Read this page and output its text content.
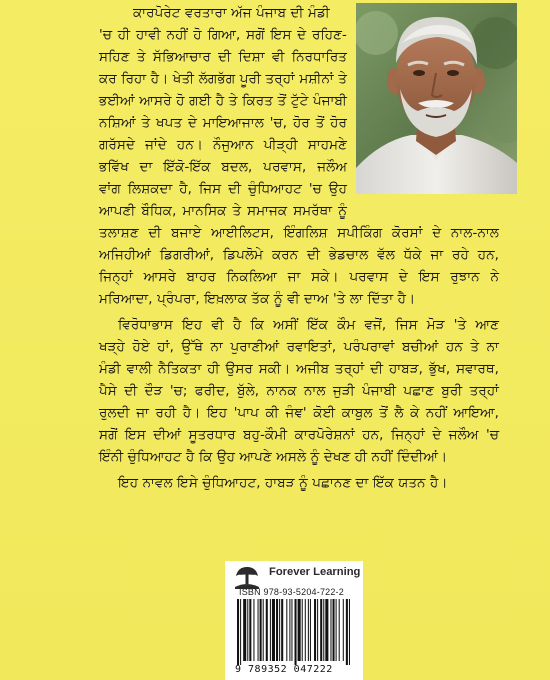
ਕਾਰਪੋਰੇਟ ਵਰਤਾਰਾ ਅੱਜ ਪੰਜਾਬ ਦੀ ਮੰਡੀ
'ਚ ਹੀ ਹਾਵੀ ਨਹੀਂ ਹੋ ਗਿਆ, ਸਗੋਂ ਇਸ ਦੇ ਰਹਿਣ-
ਸਹਿਣ ਤੇ ਸੱਭਿਆਚਾਰ ਦੀ ਦਿਸ਼ਾ ਵੀ ਨਿਰਧਾਰਿਤ
ਕਰ ਰਿਹਾ ਹੈ। ਖੇਤੀ ਲੱਗਭੱਗ ਪੂਰੀ ਤਰ੍ਹਾਂ ਮਸ਼ੀਨਾਂ ਤੇ
ਭਈਆਂ ਆਸਰੇ ਹੋ ਗਈ ਹੈ ਤੇ ਕਿਰਤ ਤੋਂ ਟੁੱਟੇ ਪੰਜਾਬੀ
ਨਸ਼ਿਆਂ ਤੇ ਖਪਤ ਦੇ ਮਾਇਆਜਾਲ 'ਚ, ਹੋਰ ਤੋਂ ਹੋਰ
ਗਰੱਸਦੇ ਜਾਂਦੇ ਹਨ। ਨੌਜੁਆਨ ਪੀੜ੍ਹੀ ਸਾਹਮਣੇ
ਭਵਿੱਖ ਦਾ ਇੱਕੋ-ਇੱਕ ਬਦਲ, ਪਰਵਾਸ, ਜਲੌਅ
ਵਾਂਗ ਲਿਸ਼ਕਦਾ ਹੈ, ਜਿਸ ਦੀ ਚੁੰਧਿਆਹਟ 'ਚ ਉਹ
ਆਪਣੀ ਬੌਧਿਕ, ਮਾਨਸਿਕ ਤੇ ਸਮਾਜਕ ਸਮਰੱਥਾ ਨੂੰ
ਤਲਾਸ਼ਣ ਦੀ ਬਜਾਏ ਆਈਲਿਟਸ, ਇੰਗਲਿਸ਼ ਸਪੀਕਿੰਗ ਕੋਰਸਾਂ ਦੇ ਨਾਲ-ਨਾਲ
ਅਜਿਹੀਆਂ ਡਿਗਰੀਆਂ, ਡਿਪਲੋਮੇ ਕਰਨ ਦੀ ਭੇਡਚਾਲ ਵੱਲ ਧੱਕੇ ਜਾ ਰਹੇ ਹਨ,
ਜਿਨ੍ਹਾਂ ਆਸਰੇ ਬਾਹਰ ਨਿਕਲਿਆ ਜਾ ਸਕੇ। ਪਰਵਾਸ ਦੇ ਇਸ ਰੁਝਾਨ ਨੇ
ਮਰਿਆਦਾ, ਪ੍ਰੰਪਰਾ, ਇਖ਼ਲਾਕ ਤੱਕ ਨੂੰ ਵੀ ਦਾਅ 'ਤੇ ਲਾ ਦਿੱਤਾ ਹੈ।
ਵਿਰੋਧਾਭਾਸ ਇਹ ਵੀ ਹੈ ਕਿ ਅਸੀਂ ਇੱਕ ਕੌਮ ਵਜੋਂ, ਜਿਸ ਮੋੜ 'ਤੇ ਆਣ
ਖੜ੍ਹੇ ਹੋਏ ਹਾਂ, ਉੱਥੇ ਨਾ ਪੁਰਾਣੀਆਂ ਰਵਾਇਤਾਂ, ਪਰੰਪਰਾਵਾਂ ਬਚੀਆਂ ਹਨ ਤੇ ਨਾ
ਮੰਡੀ ਵਾਲੀ ਨੈਤਿਕਤਾ ਹੀ ਉਸਰ ਸਕੀ। ਅਜੀਬ ਤਰ੍ਹਾਂ ਦੀ ਹਾਬੜ, ਭੁੱਖ, ਸਵਾਰਥ,
ਪੈਸੇ ਦੀ ਦੌੜ 'ਚ; ਫਰੀਦ, ਬੁੱਲੇ, ਨਾਨਕ ਨਾਲ ਜੁੜੀ ਪੰਜਾਬੀ ਪਛਾਣ ਬੁਰੀ ਤਰ੍ਹਾਂ
ਰੁਲਦੀ ਜਾ ਰਹੀ ਹੈ। ਇਹ 'ਪਾਪ ਕੀ ਜੰਞ' ਕੋਈ ਕਾਬੁਲ ਤੋਂ ਲੈ ਕੇ ਨਹੀਂ ਆਇਆ,
ਸਗੋਂ ਇਸ ਦੀਆਂ ਸੂਤਰਧਾਰ ਬਹੁ-ਕੌਮੀ ਕਾਰਪੋਰੇਸ਼ਨਾਂ ਹਨ, ਜਿਨ੍ਹਾਂ ਦੇ ਜਲੌਅ 'ਚ
ਇੰਨੀ ਚੁੰਧਿਆਹਟ ਹੈ ਕਿ ਉਹ ਆਪਣੇ ਅਸਲੇ ਨੂੰ ਦੇਖਣ ਹੀ ਨਹੀਂ ਦਿੰਦੀਆਂ।
ਇਹ ਨਾਵਲ ਇਸੇ ਚੁੰਧਿਆਹਟ, ਹਾਬੜ ਨੂੰ ਪਛਾਨਣ ਦਾ ਇੱਕ ਯਤਨ ਹੈ।
Forever Learning
ISBN 978-93-5204-722-2
9 789352 047222
